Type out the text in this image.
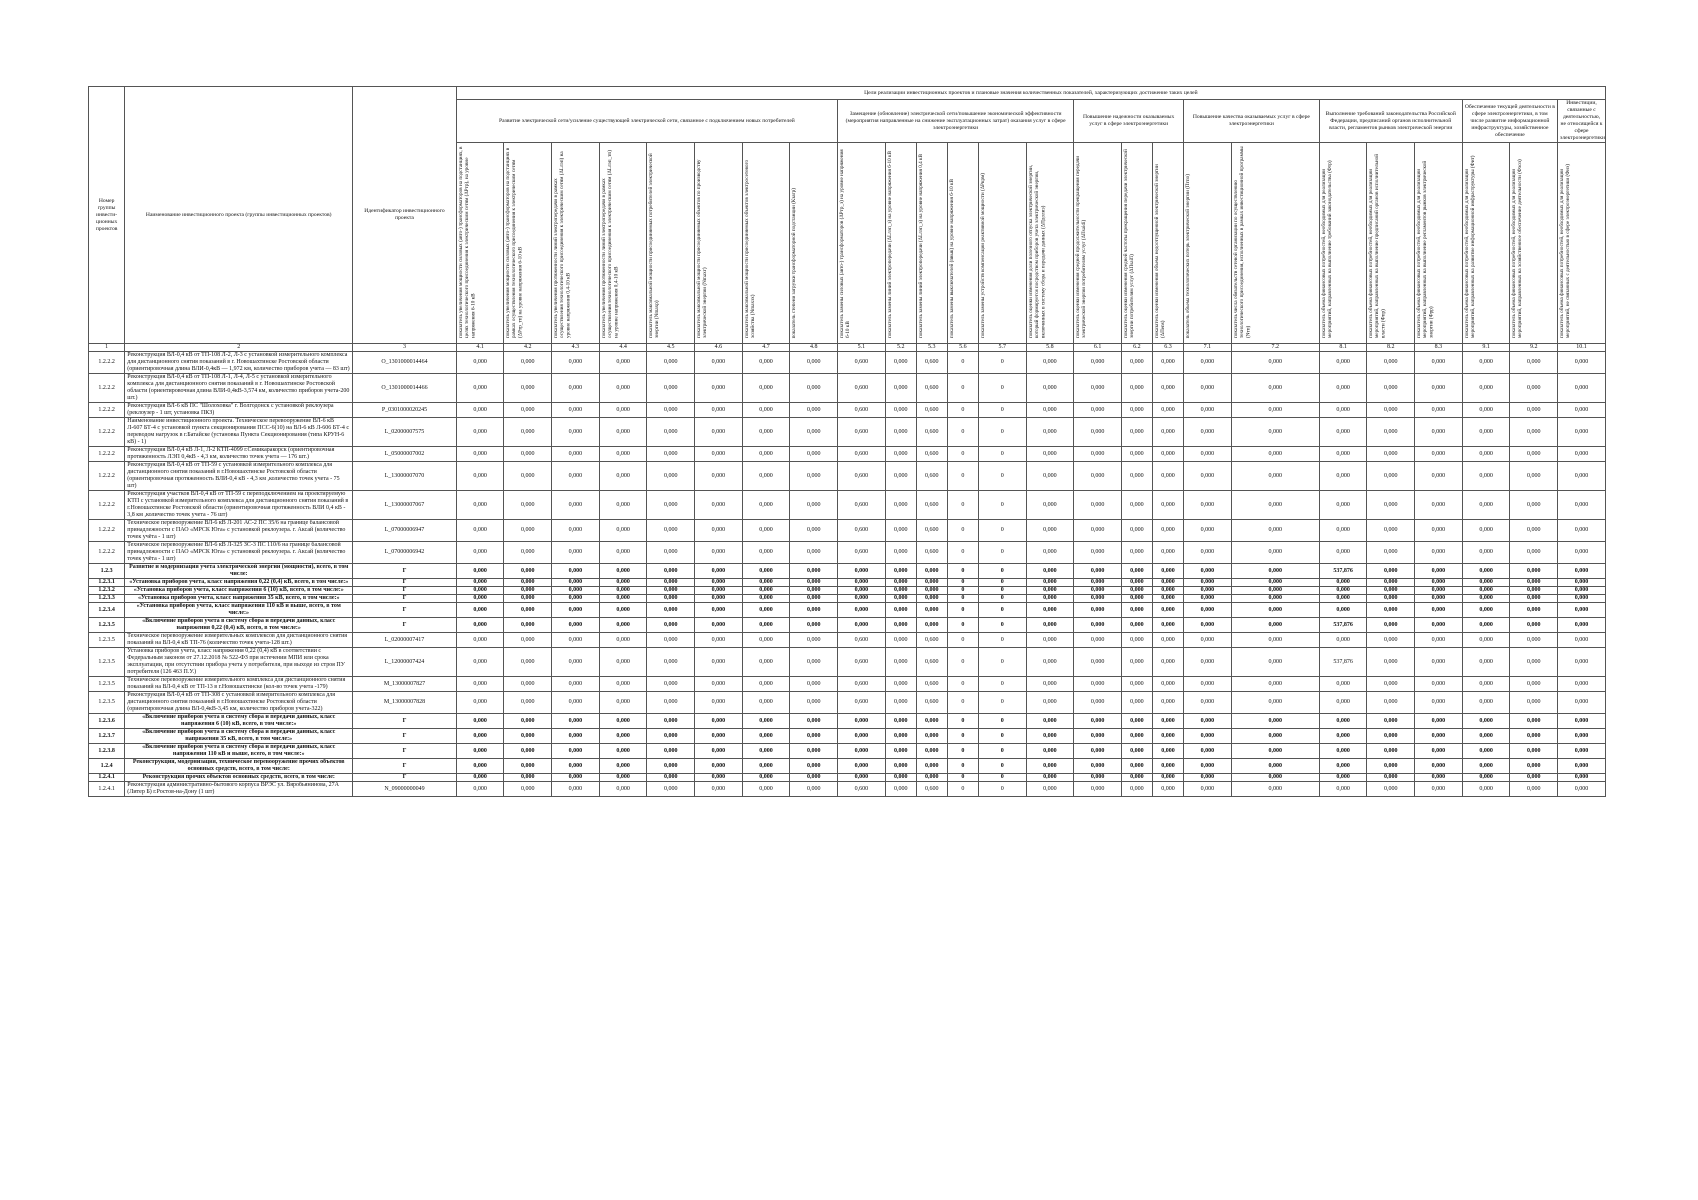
Номер группы инвести-ционных проектов	Наименование инвестиционного проекта (группы инвестиционных проектов)	Идентификатор инвестиционного проекта	Цели реализации инвестиционных проектов и плановые значения количественных показателей, характеризующих достижение таких целей																								
			Развитие электрической сети/усиление существующей электрической сети, связанное с подключением новых потребителей								Замещение (обновление) электрической сети/повышение экономической эффективности (мероприятия направленные на снижение эксплуатационных затрат) оказания услуг в сфере электроэнергетики						Повышение надежности оказываемых услуг в сфере электроэнергетики			Повышение качества оказываемых услуг в сфере электроэнергетики		Выполнение требований законодательства Российской Федерации, предписаний органов исполнительной власти, регламентов рынков электрической энергии			Обеспечение текущей деятельности в сфере электроэнергетики, в том числе развитие информационной инфраструктуры, хозяйственное обеспечение		Инвестиции, связанные с деятельностью, не относящейся к сфере электроэнергетики
			показатель увеличения мощности силовых (авто-) трансформаторов на подстанциях, в целях технологического присоединения к электрическим сетям (ΔPтр), на уровне напряжения 6-10 кВ	показатель увеличения мощности силовых (авто-) трансформаторов на подстанциях в рамках осуществления технологического присоединения к электрическим сетям (ΔPтр_тп) на уровне напряжения 6-10 кВ	показатель увеличения протяженности линий электропередачи в рамках осуществления технологического присоединения к электрическим сетям (ΔLлэп) на уровне напряжения 0,4-10 кВ	показатель увеличения протяженности линий электропередачи в рамках осуществления технологического присоединения к электрическим сетям (ΔLлэп_тп) на уровне напряжения 0,4-10 кВ	показатель максимальной мощности присоединяемых потребителей электрической энергии (Nmaxр)	показатель максимальной мощности присоединяемых объектов по производству электрической энергии (Nmaxг)	показатель максимальной мощности присоединяемых объектов электросетевого хозяйства (Nmaxэх)	показатель степени загрузки трансформаторной подстанции (Кзагр)	показатель замены силовых (авто-) трансформаторов (ΔPтр_з) на уровне напряжения 6-10 кВ	показатель замены линий электропередачи (ΔLлэп_з) на уровне напряжения 6-10 кВ	показатель замены линий электропередачи (ΔLлэп_з) на уровне напряжения 0,4 кВ	показатель замены выключателей (nвык) на уровне напряжения 6-10 кВ	показатель замены устройств компенсации реактивной мощности (ΔPкрм)	показатель оценки изменения доли полезного отпуска электрической энергии, который формируется посредством приборов учета электрической энергии, включенных в систему сбора и передачи данных (ΔПдолиэ)	показатель оценки изменения средней продолжительности прекращения передачи электрической энергии потребителям услуг (ΔПsaidi)	показатель оценки изменения средней частоты прекращения передачи электрической энергии потребителям услуг (ΔПsaifi)	показатель оценки изменения объема недоотпущенной электрической энергии (ΔПens)	показатель объема технологических потерь электрической энергии (Птпо)	показатель числа обязательств сетевой организации по осуществлению технологического присоединения, исполненных в рамках инвестиционной программы (Nтп)	показатель объема финансовых потребностей, необходимых для реализации мероприятий, направленных на выполнение требований законодательства (Фтр)	показатель объема финансовых потребностей, необходимых для реализации мероприятий, направленных на выполнение предписаний органов исполнительной власти (Фпр)	показатель объема финансовых потребностей, необходимых для реализации мероприятий, направленных на выполнение регламентов рынков электрической энергии (Фрр)	показатель объема финансовых потребностей, необходимых для реализации мероприятий, направленных на развитие информационной инфраструктуры (Фит)	показатель объема финансовых потребностей, необходимых для реализации мероприятий, направленных на хозяйственное обеспечение деятельности (Фхоз)	показатель объема финансовых потребностей, необходимых для реализации мероприятий, не связанных с деятельностью в сфере электроэнергетики (Фнэ)
1	2	3	4.1	4.2	4.3	4.4	4.5	4.6	4.7	4.8	5.1	5.2	5.3	5.6	5.7	5.8	6.1	6.2	6.3	7.1	7.2	8.1	8.2	8.3	9.1	9.2	10.1
1.2.2.2	Реконструкция ВЛ-0,4 кВ от ТП-108 Л-2, Л-3 с установкой измерительного комплекса для дистанционного снятия показаний в г. Новошахтинске Ростовской области (ориентировочная длина ВЛИ-0,4кВ — 1,972 км, количество приборов учета — 83 шт)	O_1301000014464	0,000	0,000	0,000	0,000	0,000	0,000	0,000	0,000	0,600	0,000	0,600	0	0	0,000	0,000	0,000	0,000	0,000	0,000	0,000	0,000	0,000	0,000	0,000	0,000
1.2.2.2	Реконструкция ВЛ-0,4 кВ от ТП-108 Л-1, Л-4, Л-5 с установкой измерительного комплекса для дистанционного снятия показаний в г. Новошахтинске Ростовской области (ориентировочная длина ВЛИ-0,4кВ-3,574 км, количество приборов учета-200 шт.)	O_1301000014466	0,000	0,000	0,000	0,000	0,000	0,000	0,000	0,000	0,600	0,000	0,600	0	0	0,000	0,000	0,000	0,000	0,000	0,000	0,000	0,000	0,000	0,000	0,000	0,000
1.2.2.2	Реконструкция ВЛ-6 кВ ПС "Шолоховка" г. Волгодонск с установкой реклоузера (реклоузер - 1 шт, установка ПКЗ)	P_0301000020245	0,000	0,000	0,000	0,000	0,000	0,000	0,000	0,000	0,600	0,000	0,600	0	0	0,000	0,000	0,000	0,000	0,000	0,000	0,000	0,000	0,000	0,000	0,000	0,000
1.2.2.2	Наименование инвестиционного проекта. Техническое перевооружение ВЛ-6 кВ Л-607 БТ-4 с установкой пункта секционирования ПСС-6(10) на ВЛ-6 кВ Л-606 БТ-4 с переводом нагрузок в г.Батайске (установка Пункта Секционирования (типа КРУН-6 кВ) - 1)	L_02000007575	0,000	0,000	0,000	0,000	0,000	0,000	0,000	0,000	0,600	0,000	0,600	0	0	0,000	0,000	0,000	0,000	0,000	0,000	0,000	0,000	0,000	0,000	0,000	0,000
1.2.2.2	Реконструкция ВЛ-0,4 кВ Л-1, Л-2 КТП-4099 г.Семикаракорск (ориентировочная протяженность ЛЭП 0,4кВ - 4,3 км, количество точек учета — 176 шт.)	L_05000007002	0,000	0,000	0,000	0,000	0,000	0,000	0,000	0,000	0,600	0,000	0,600	0	0	0,000	0,000	0,000	0,000	0,000	0,000	0,000	0,000	0,000	0,000	0,000	0,000
1.2.2.2	Реконструкция ВЛ-0,4 кВ от ТП-59 с установкой измерительного комплекса для дистанционного снятия показаний в г.Новошахтинске Ростовской области (ориентировочная протяженность ВЛИ-0,4 кВ - 4,3 км ,количество точек учета - 75 шт)	L_13000007070	0,000	0,000	0,000	0,000	0,000	0,000	0,000	0,000	0,600	0,000	0,600	0	0	0,000	0,000	0,000	0,000	0,000	0,000	0,000	0,000	0,000	0,000	0,000	0,000
1.2.2.2	Реконструкция участков ВЛ-0,4 кВ от ТП-59 с переподключением на проектируемую КТП с установкой измерительного комплекса для дистанционного снятия показаний в г.Новошахтинске Ростовской области (ориентировочная протяженность ВЛИ 0,4 кВ - 3,8 км ,количество точек учета - 76 шт)	L_13000007067	0,000	0,000	0,000	0,000	0,000	0,000	0,000	0,000	0,600	0,000	0,600	0	0	0,000	0,000	0,000	0,000	0,000	0,000	0,000	0,000	0,000	0,000	0,000	0,000
1.2.2.2	Техническое перевооружение ВЛ-6 кВ Л-201 АС-2 ПС 35/6 на границе балансовой принадлежности с ПАО «МРСК Юга» с установкой реклоузера. г. Аксай (количество точек учёта - 1 шт)	L_07000006947	0,000	0,000	0,000	0,000	0,000	0,000	0,000	0,000	0,600	0,000	0,600	0	0	0,000	0,000	0,000	0,000	0,000	0,000	0,000	0,000	0,000	0,000	0,000	0,000
1.2.2.2	Техническое перевооружение ВЛ-6 кВ Л-325 ЗС-3 ПС 110/6 на границе балансовой принадлежности с ПАО «МРСК Юга» с установкой реклоузера. г. Аксай (количество точек учёта - 1 шт)	L_07000006942	0,000	0,000	0,000	0,000	0,000	0,000	0,000	0,000	0,600	0,000	0,600	0	0	0,000	0,000	0,000	0,000	0,000	0,000	0,000	0,000	0,000	0,000	0,000	0,000
1.2.3	Развитие и модернизация учета электрической энергии (мощности), всего, в том числе:	Г	0,000	0,000	0,000	0,000	0,000	0,000	0,000	0,000	0,000	0,000	0,000	0	0	0,000	0,000	0,000	0,000	0,000	0,000	537,876	0,000	0,000	0,000	0,000	0,000
1.2.3.1	«Установка приборов учета, класс напряжения 0,22 (0,4) кВ, всего, в том числе:»	Г	0,000	0,000	0,000	0,000	0,000	0,000	0,000	0,000	0,000	0,000	0,000	0	0	0,000	0,000	0,000	0,000	0,000	0,000	0,000	0,000	0,000	0,000	0,000	0,000
1.2.3.2	«Установка приборов учета, класс напряжения 6 (10) кВ, всего, в том числе:»	Г	0,000	0,000	0,000	0,000	0,000	0,000	0,000	0,000	0,000	0,000	0,000	0	0	0,000	0,000	0,000	0,000	0,000	0,000	0,000	0,000	0,000	0,000	0,000	0,000
1.2.3.3	«Установка приборов учета, класс напряжения 35 кВ, всего, в том числе:»	Г	0,000	0,000	0,000	0,000	0,000	0,000	0,000	0,000	0,000	0,000	0,000	0	0	0,000	0,000	0,000	0,000	0,000	0,000	0,000	0,000	0,000	0,000	0,000	0,000
1.2.3.4	«Установка приборов учета, класс напряжения 110 кВ и выше, всего, в том числе:»	Г	0,000	0,000	0,000	0,000	0,000	0,000	0,000	0,000	0,000	0,000	0,000	0	0	0,000	0,000	0,000	0,000	0,000	0,000	0,000	0,000	0,000	0,000	0,000	0,000
1.2.3.5	«Включение приборов учета в систему сбора и передачи данных, класс напряжения 0,22 (0,4) кВ, всего, в том числе:»	Г	0,000	0,000	0,000	0,000	0,000	0,000	0,000	0,000	0,000	0,000	0,000	0	0	0,000	0,000	0,000	0,000	0,000	0,000	537,876	0,000	0,000	0,000	0,000	0,000
1.2.3.5	Техническое перевооружение измерительных комплексов для дистанционного снятия показаний на ВЛ-0,4 кВ ТП-76 (количество точек учета-128 шт.)	L_02000007417	0,000	0,000	0,000	0,000	0,000	0,000	0,000	0,000	0,600	0,000	0,600	0	0	0,000	0,000	0,000	0,000	0,000	0,000	0,000	0,000	0,000	0,000	0,000	0,000
1.2.3.5	Установка приборов учета, класс напряжения 0,22 (0,4) кВ в соответствии с Федеральным законом от 27.12.2018 № 522-ФЗ при истечении МПИ или срока эксплуатации, при отсутствии прибора учета у потребителя, при выходе из строя ПУ потребителя (126 463 П.У.)	L_12000007424	0,000	0,000	0,000	0,000	0,000	0,000	0,000	0,000	0,600	0,000	0,600	0	0	0,000	0,000	0,000	0,000	0,000	0,000	537,876	0,000	0,000	0,000	0,000	0,000
1.2.3.5	Техническое перевооружение измерительного комплекса для дистанционного снятия показаний на ВЛ-0,4 кВ от ТП-13 в г.Новошахтинске (кол-во точек учета -179)	M_13000007827	0,000	0,000	0,000	0,000	0,000	0,000	0,000	0,000	0,600	0,000	0,600	0	0	0,000	0,000	0,000	0,000	0,000	0,000	0,000	0,000	0,000	0,000	0,000	0,000
1.2.3.5	Реконструкция ВЛ-0,4 кВ от ТП-308 с установкой измерительного комплекса для дистанционного снятия показаний в г.Новошахтинске Ростовской области (ориентировочная длина ВЛ-0,4кВ-3,45 км, количество приборов учета-322)	M_13000007828	0,000	0,000	0,000	0,000	0,000	0,000	0,000	0,000	0,600	0,000	0,600	0	0	0,000	0,000	0,000	0,000	0,000	0,000	0,000	0,000	0,000	0,000	0,000	0,000
1.2.3.6	«Включение приборов учета в систему сбора и передачи данных, класс напряжения 6 (10) кВ, всего, в том числе:»	Г	0,000	0,000	0,000	0,000	0,000	0,000	0,000	0,000	0,000	0,000	0,000	0	0	0,000	0,000	0,000	0,000	0,000	0,000	0,000	0,000	0,000	0,000	0,000	0,000
1.2.3.7	«Включение приборов учета в систему сбора и передачи данных, класс напряжения 35 кВ, всего, в том числе:»	Г	0,000	0,000	0,000	0,000	0,000	0,000	0,000	0,000	0,000	0,000	0,000	0	0	0,000	0,000	0,000	0,000	0,000	0,000	0,000	0,000	0,000	0,000	0,000	0,000
1.2.3.8	«Включение приборов учета в систему сбора и передачи данных, класс напряжения 110 кВ и выше, всего, в том числе:»	Г	0,000	0,000	0,000	0,000	0,000	0,000	0,000	0,000	0,000	0,000	0,000	0	0	0,000	0,000	0,000	0,000	0,000	0,000	0,000	0,000	0,000	0,000	0,000	0,000
1.2.4	Реконструкция, модернизация, техническое перевооружение прочих объектов основных средств, всего, в том числе:	Г	0,000	0,000	0,000	0,000	0,000	0,000	0,000	0,000	0,000	0,000	0,000	0	0	0,000	0,000	0,000	0,000	0,000	0,000	0,000	0,000	0,000	0,000	0,000	0,000
1.2.4.1	Реконструкция прочих объектов основных средств, всего, в том числе:	Г	0,000	0,000	0,000	0,000	0,000	0,000	0,000	0,000	0,000	0,000	0,000	0	0	0,000	0,000	0,000	0,000	0,000	0,000	0,000	0,000	0,000	0,000	0,000	0,000
1.2.4.1	Реконструкция административно-бытового корпуса ВРЭС ул. Вяробьянинова, 27А (Литер Б) г.Ростов-на-Дону (1 шт)	N_09000000049	0,000	0,000	0,000	0,000	0,000	0,000	0,000	0,000	0,600	0,000	0,600	0	0	0,000	0,000	0,000	0,000	0,000	0,000	0,000	0,000	0,000	0,000	0,000	0,000
